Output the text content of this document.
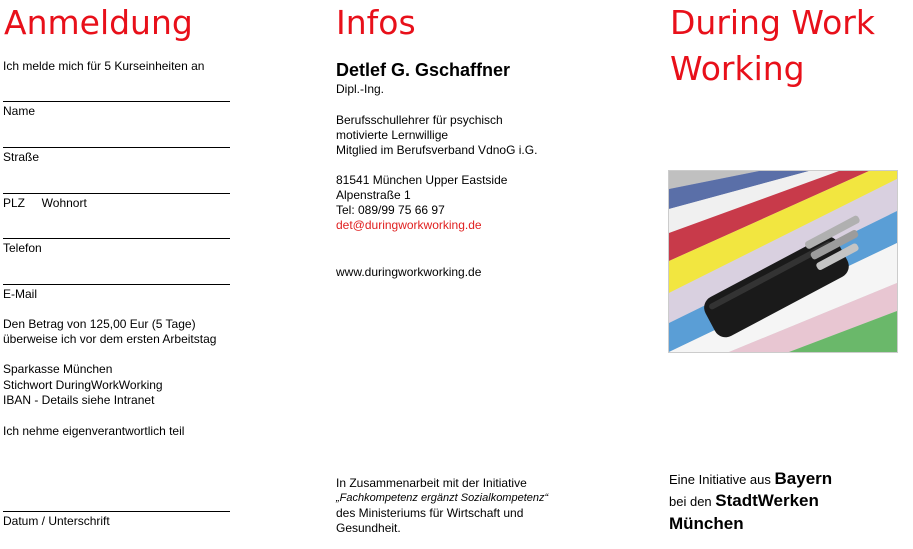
Anmeldung
Ich melde mich für 5 Kurseinheiten an
Name
Straße
PLZ     Wohnort
Telefon
E-Mail
Den Betrag von 125,00 Eur (5 Tage)
überweise ich vor dem ersten Arbeitstag
Sparkasse München
Stichwort DuringWorkWorking
IBAN - Details siehe Intranet
Ich nehme eigenverantwortlich teil
Datum / Unterschrift
Infos
Detlef G. Gschaffner
Dipl.-Ing.
Berufsschullehrer für psychisch
motivierte Lernwillige
Mitglied im Berufsverband VdnoG i.G.
81541 München Upper Eastside
Alpenstraße 1
Tel: 089/99 75 66 97
det@duringworkworking.de
www.duringworkworking.de
In Zusammenarbeit mit der Initiative
„Fachkompetenz ergänzt Sozialkompetenz“
des Ministeriums für Wirtschaft und
Gesundheit.
During Work
Working
Eine Initiative aus Bayern
bei den StadtWerken
München
